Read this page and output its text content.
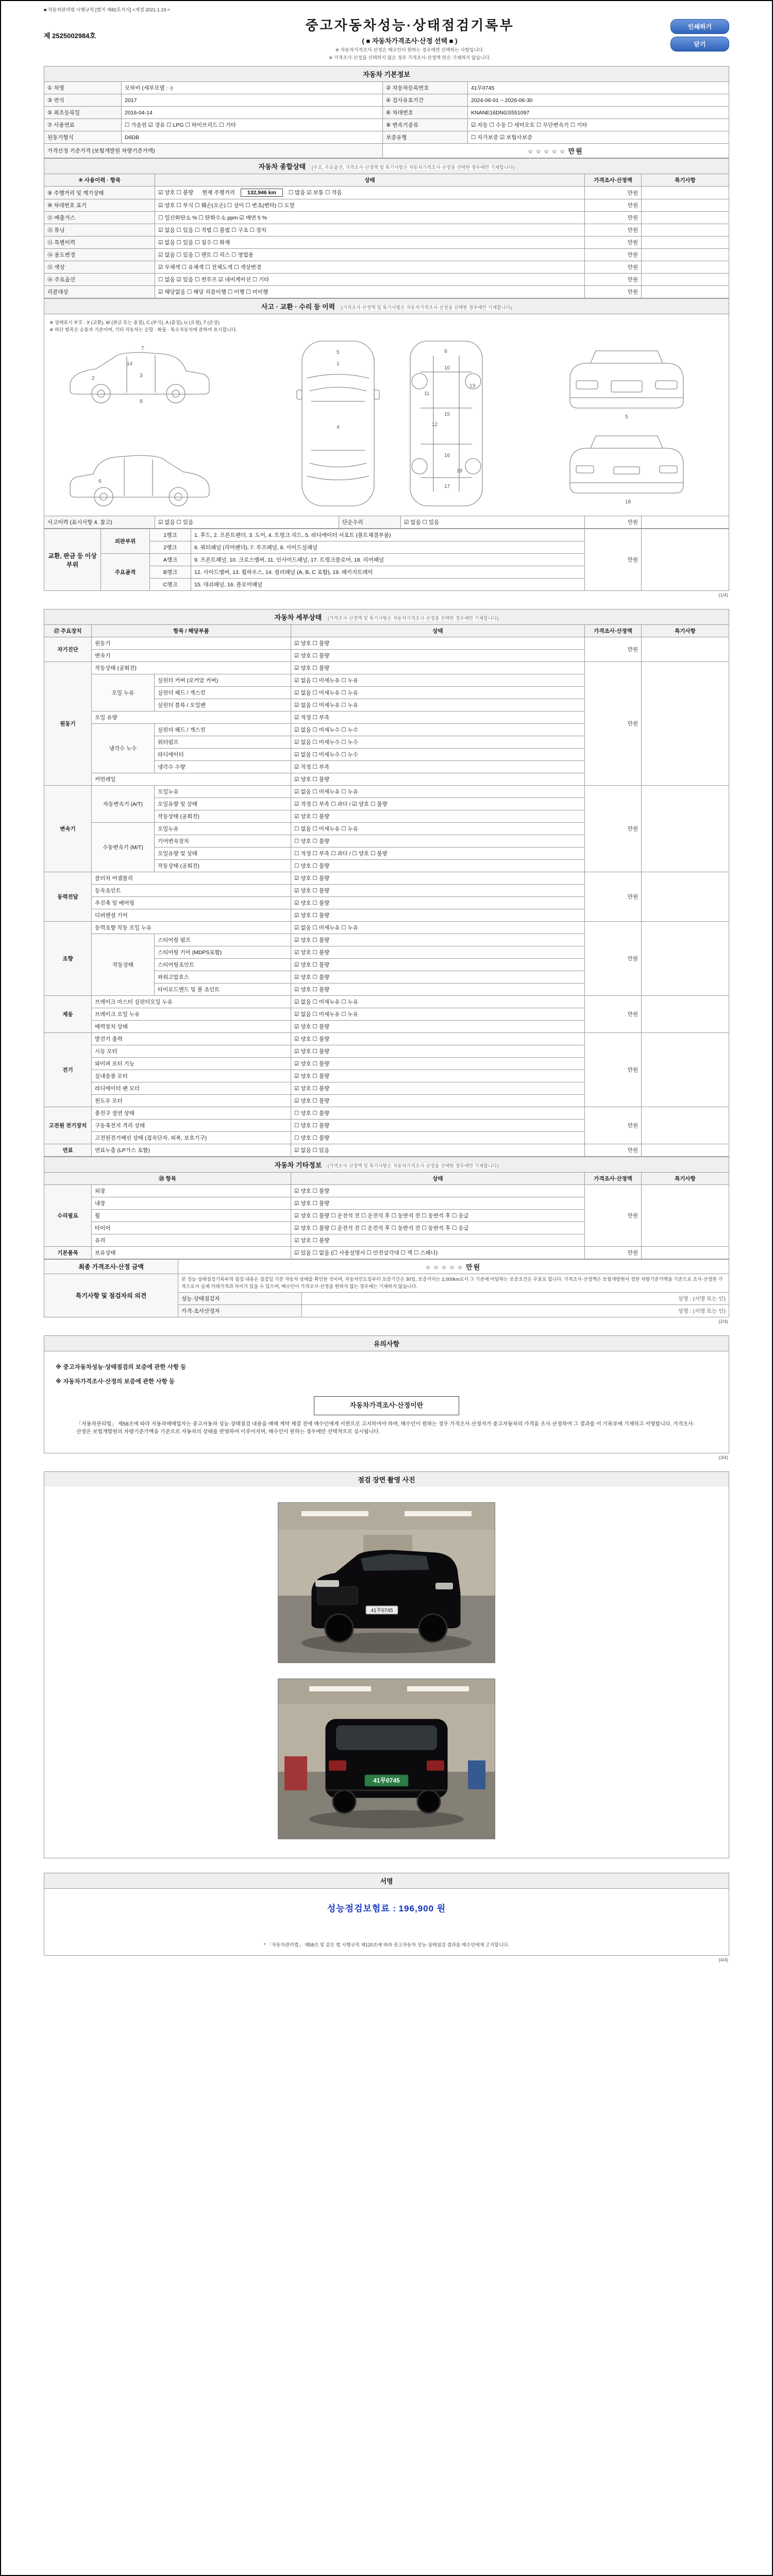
■ 자동차관리법 시행규칙 [별지 제82호서식] <개정 2021.1.19.>
제 2525002984호
중고자동차성능·상태점검기록부
( ■ 자동차가격조사·산정 선택 ■ )
※ 자동차가격조사·산정은 매수인이 원하는 경우에만 선택하는 사항입니다.
※ 가격조사·산정을 선택하지 않은 경우 가격조사·산정액 란은 기재하지 않습니다.
인쇄하기
닫기
자동차 기본정보
① 차명	모하비 (세부모델 : -)	② 자동차등록번호	41무0745
③ 연식	2017	④ 검사유효기간	2024-06-01 ~ 2026-06-30
⑤ 최초등록일	2016-04-14	⑥ 차대번호	KNANE16DNGS551097
⑦ 사용연료	☐ 가솔린 ☑ 경유 ☐ LPG ☐ 하이브리드 ☐ 기타	⑧ 변속기종류	☑ 자동 ☐ 수동 ☐ 세미오토 ☐ 무단변속기 ☐ 기타
원동기형식	D6DB	보증유형	☐ 자가보증 ☑ 보험사보증
가격산정 기준가격 (보험개발원 차량기준가액)		○ ○ ○ ○ ○ 만원	
자동차 종합상태 (주요, 주요옵션, 가격조사·산정액 및 특기사항은 자동차가격조사·산정을 선택한 경우에만 기재합니다)
⑨ 사용이력 · 항목	상태	가격조사·산정액	특기사항
⑨ 주행거리 및 계기상태	☑ 양호 ☐ 불량 현재 주행거리 132,946 km ☐ 많음 ☑ 보통 ☐ 적음	만원	
⑩ 차대번호 표기	☑ 양호 ☐ 부식 ☐ 훼손(오손) ☐ 상이 ☐ 변조(변타) ☐ 도말	만원	
⑪ 배출가스	☐ 일산화탄소 % ☐ 탄화수소 ppm ☑ 매연 5 %	만원	
⑫ 튜닝	☑ 없음 ☐ 있음 ☐ 적법 ☐ 불법 ☐ 구조 ☐ 장치	만원	
⑬ 특별이력	☑ 없음 ☐ 있음 ☐ 침수 ☐ 화재	만원	
⑭ 용도변경	☑ 없음 ☐ 있음 ☐ 렌트 ☐ 리스 ☐ 영업용	만원	
⑮ 색상	☑ 무채색 ☐ 유채색 ☐ 전체도색 ☐ 색상변경	만원	
⑯ 주요옵션	☐ 없음 ☑ 있음 ☐ 썬루프 ☑ 네비게이션 ☐ 기타	만원	
리콜대상	☑ 해당없음 ☐ 해당 리콜이행 ☐ 이행 ☐ 미이행	만원	
사고 · 교환 · 수리 등 이력 (가격조사·산정액 및 특기사항은 자동차가격조사·산정을 선택한 경우에만 기재합니다)
※ 상태표시 부호 : X (교환), W (판금 또는 용접), C (부식), A (흠집), U (요철), T (손상)
※ 하단 항목은 승용차 기준이며, 기타 자동차는 승합 · 화물 · 특수자동차에 준하여 표시합니다.
2	3
7
8
14
6
1
4
5	9
10
11
12
13
15
16
17
19
5
18
사고이력 (표시사항 4. 참고)	☑ 없음 ☐ 있음	단순수리	☑ 없음 ☐ 있음	만원	
교환, 판금 등 이상 부위	외판부위	1랭크	1. 후드, 2. 프론트펜더, 3. 도어, 4. 트렁크 리드, 5. 라디에이터 서포트 (볼트체결부품)	만원	
		2랭크	6. 쿼터패널 (리어펜더), 7. 루프패널, 8. 사이드실패널		
	주요골격	A랭크	9. 프론트패널, 10. 크로스멤버, 11. 인사이드패널, 17. 트렁크플로어, 18. 리어패널		
		B랭크	12. 사이드멤버, 13. 휠하우스, 14. 필러패널 (A, B, C 포함), 19. 패키지트레이		
		C랭크	15. 대쉬패널, 16. 플로어패널		
(1/4)
자동차 세부상태 (가격조사·산정액 및 특기사항은 자동차가격조사·산정을 선택한 경우에만 기재합니다)
⑰ 주요장치	항목 / 해당부품		상태	가격조사·산정액	특기사항
자기진단	원동기		☑ 양호 ☐ 불량	만원	
	변속기		☑ 양호 ☐ 불량		
원동기	작동상태 (공회전)		☑ 양호 ☐ 불량	만원	
	오일 누유	실린더 커버 (로커암 커버)	☑ 없음 ☐ 미세누유 ☐ 누유		
		실린더 헤드 / 개스킷	☑ 없음 ☐ 미세누유 ☐ 누유		
		실린더 블록 / 오일팬	☑ 없음 ☐ 미세누유 ☐ 누유		
	오일 유량		☑ 적정 ☐ 부족		
	냉각수 누수	실린더 헤드 / 개스킷	☑ 없음 ☐ 미세누수 ☐ 누수		
		워터펌프	☑ 없음 ☐ 미세누수 ☐ 누수		
		라디에이터	☑ 없음 ☐ 미세누수 ☐ 누수		
		냉각수 수량	☑ 적정 ☐ 부족		
	커먼레일		☑ 양호 ☐ 불량		
변속기	자동변속기 (A/T)	오일누유	☑ 없음 ☐ 미세누유 ☐ 누유	만원	
		오일유량 및 상태	☑ 적정 ☐ 부족 ☐ 과다 / ☑ 양호 ☐ 불량		
		작동상태 (공회전)	☑ 양호 ☐ 불량		
	수동변속기 (M/T)	오일누유	☐ 없음 ☐ 미세누유 ☐ 누유		
		기어변속장치	☐ 양호 ☐ 불량		
		오일유량 및 상태	☐ 적정 ☐ 부족 ☐ 과다 / ☐ 양호 ☐ 불량		
		작동상태 (공회전)	☐ 양호 ☐ 불량		
동력전달	클러치 어셈블리		☑ 양호 ☐ 불량	만원	
	등속조인트		☑ 양호 ☐ 불량		
	추진축 및 베어링		☑ 양호 ☐ 불량		
	디퍼렌셜 기어		☑ 양호 ☐ 불량		
조향	동력조향 작동 오일 누유		☑ 없음 ☐ 미세누유 ☐ 누유	만원	
	작동상태	스티어링 펌프	☑ 양호 ☐ 불량		
		스티어링 기어 (MDPS포함)	☑ 양호 ☐ 불량		
		스티어링조인트	☑ 양호 ☐ 불량		
		파워고압호스	☑ 양호 ☐ 불량		
		타이로드엔드 및 볼 조인트	☑ 양호 ☐ 불량		
제동	브레이크 마스터 실린더오일 누유		☑ 없음 ☐ 미세누유 ☐ 누유	만원	
	브레이크 오일 누유		☑ 없음 ☐ 미세누유 ☐ 누유		
	배력장치 상태		☑ 양호 ☐ 불량		
전기	발전기 출력		☑ 양호 ☐ 불량	만원	
	시동 모터		☑ 양호 ☐ 불량		
	와이퍼 모터 기능		☑ 양호 ☐ 불량		
	실내송풍 모터		☑ 양호 ☐ 불량		
	라디에이터 팬 모터		☑ 양호 ☐ 불량		
	윈도우 모터		☑ 양호 ☐ 불량		
고전원 전기장치	충전구 절연 상태		☐ 양호 ☐ 불량	만원	
	구동축전지 격리 상태		☐ 양호 ☐ 불량		
	고전원전기배선 상태 (접속단자, 피복, 보호기구)		☐ 양호 ☐ 불량		
연료	연료누출 (LP가스 포함)		☑ 없음 ☐ 있음	만원	
자동차 기타정보 (가격조사·산정액 및 특기사항은 자동차가격조사·산정을 선택한 경우에만 기재합니다)
⑱ 항목		상태	가격조사·산정액	특기사항
수리필요	외장	☑ 양호 ☐ 불량	만원	
	내장	☑ 양호 ☐ 불량		
	휠	☑ 양호 ☐ 불량 ☐ 운전석 전 ☐ 운전석 후 ☐ 동반석 전 ☐ 동반석 후 ☐ 응급		
	타이어	☑ 양호 ☐ 불량 ☐ 운전석 전 ☐ 운전석 후 ☐ 동반석 전 ☐ 동반석 후 ☐ 응급		
	유리	☑ 양호 ☐ 불량		
기본품목	보유상태	☑ 있음 ☐ 없음 (☐ 사용설명서 ☐ 안전삼각대 ☐ 잭 ☐ 스패너)	만원	
최종 가격조사·산정 금액	○ ○ ○ ○ ○ 만원	
특기사항 및 점검자의 의견	본 성능·상태점검기록부의 점검 내용은 점검일 기준 자동차 상태를 확인한 것이며, 자동차인도일부터 보증기간은 30일, 보증거리는 2,000km로서 그 기준에 미달하는 보증조건은 무효로 합니다. 가격조사·산정액은 보험개발원이 정한 차량기준가액을 기준으로 조사·산정한 가격으로서 실제 거래가격과 차이가 있을 수 있으며, 매수인이 가격조사·산정을 원하지 않는 경우에는 기재하지 않습니다.	
	성능·상태점검자	성명 : (서명 또는 인)
	가격·조사산정자	성명 : (서명 또는 인)
(2/4)
유의사항
※ 중고자동차성능·상태점검의 보증에 관한 사항 등

※ 자동차가격조사·산정의 보증에 관한 사항 등

자동차가격조사·산정이란

「자동차관리법」 제58조에 따라 자동차매매업자는 중고자동차 성능·상태점검 내용을 매매 계약 체결 전에 매수인에게 서면으로 고지하여야 하며, 매수인이 원하는 경우 가격조사·산정자가 중고자동차의 가격을 조사·산정하여 그 결과를 이 기록부에 기재하고 서명합니다. 가격조사·산정은 보험개발원의 차량기준가액을 기준으로 자동차의 상태를 반영하여 이루어지며, 매수인이 원하는 경우에만 선택적으로 실시됩니다.

(3/4)
점검 장면 촬영 사진
41무0745
41무0745
서명
성능점검보험료 : 196,900 원
* 「자동차관리법」 제58조 및 같은 법 시행규칙 제120조에 따라 중고자동차 성능·상태점검 결과를 매수인에게 고지합니다.
(4/4)
